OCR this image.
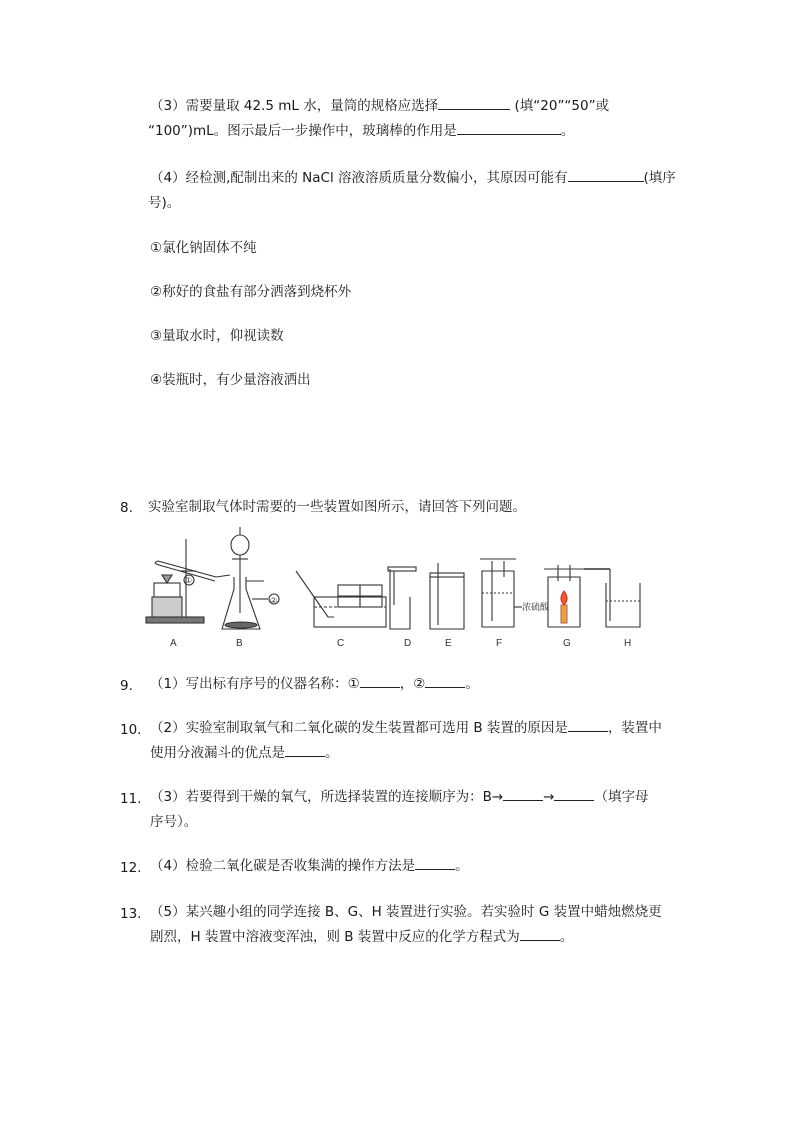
（3）需要量取 42.5 mL 水，量筒的规格应选择	(填“20”“50”或
“100”)mL。图示最后一步操作中，玻璃棒的作用是	。
（4）经检测,配制出来的 NaCl 溶液溶质质量分数偏小，其原因可能有	(填序
号)。
①氯化钠固体不纯
②称好的食盐有部分洒落到烧杯外
③量取水时，仰视读数
④装瓶时，有少量溶液洒出
8. 实验室制取气体时需要的一些装置如图所示，请回答下列问题。
A
①
②
B	C	D	E
浓硫酸
F	G	H
9. （1）写出标有序号的仪器名称：①	，②	。
10. （2）实验室制取氧气和二氧化碳的发生装置都可选用 B 装置的原因是	，装置中
使用分液漏斗的优点是	。
11. （3）若要得到干燥的氧气，所选择装置的连接顺序为：B→	→	（填字母
序号）。
12. （4）检验二氧化碳是否收集满的操作方法是	。
13. （5）某兴趣小组的同学连接 B、G、H 装置进行实验。若实验时 G 装置中蜡烛燃烧更
剧烈，H 装置中溶液变浑浊，则 B 装置中反应的化学方程式为	。
